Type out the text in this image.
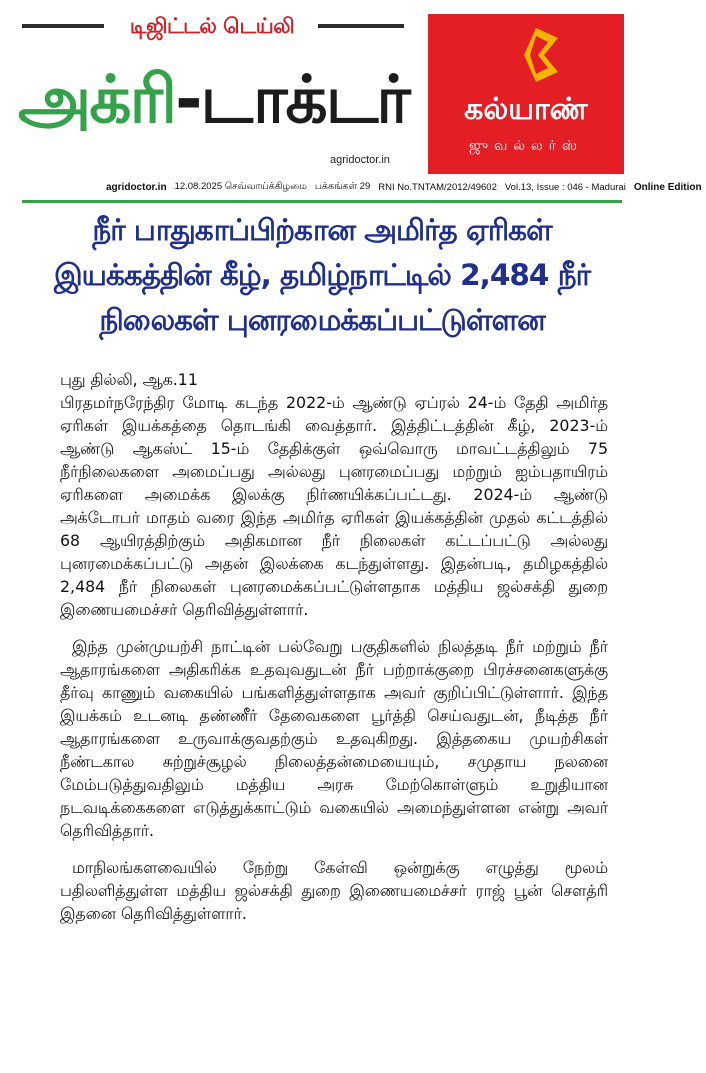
டிஜிட்டல் டெய்லி
அக்ரி-டாக்டர்
agridoctor.in
கல்யாண்
ஜுவல்லர்ஸ்
agridoctor.in 12.08.2025 செவ்வாய்க்கிழமை பக்கங்கள் 29 RNI No.TNTAM/2012/49602 Vol.13, Issue : 046 - Madurai Online Edition
நீர் பாதுகாப்பிற்கான அமிர்த ஏரிகள் இயக்கத்தின் கீழ், தமிழ்நாட்டில் 2,484 நீர் நிலைகள் புனரமைக்கப்பட்டுள்ளன
புது தில்லி, ஆக.11

பிரதமர்நரேந்திர மோடி கடந்த 2022-ம் ஆண்டு ஏப்ரல் 24-ம் தேதி அமிர்த ஏரிகள் இயக்கத்தை தொடங்கி வைத்தார். இத்திட்டத்தின் கீழ், 2023-ம் ஆண்டு ஆகஸ்ட் 15-ம் தேதிக்குள் ஒவ்வொரு மாவட்டத்திலும் 75 நீர்நிலைகளை அமைப்பது அல்லது புனரமைப்பது மற்றும் ஐம்பதாயிரம் ஏரிகளை அமைக்க இலக்கு நிர்ணயிக்கப்பட்டது. 2024-ம் ஆண்டு அக்டோபர் மாதம் வரை இந்த அமிர்த ஏரிகள் இயக்கத்தின் முதல் கட்டத்தில் 68 ஆயிரத்திற்கும் அதிகமான நீர் நிலைகள் கட்டப்பட்டு அல்லது புனரமைக்கப்பட்டு அதன் இலக்கை கடந்துள்ளது. இதன்படி, தமிழகத்தில் 2,484 நீர் நிலைகள் புனரமைக்கப்பட்டுள்ளதாக மத்திய ஜல்சக்தி துறை இணையமைச்சர் தெரிவித்துள்ளார்.

இந்த முன்முயற்சி நாட்டின் பல்வேறு பகுதிகளில் நிலத்தடி நீர் மற்றும் நீர் ஆதாரங்களை அதிகரிக்க உதவுவதுடன் நீர் பற்றாக்குறை பிரச்சனைகளுக்கு தீர்வு காணும் வகையில் பங்களித்துள்ளதாக அவர் குறிப்பிட்டுள்ளார். இந்த இயக்கம் உடனடி தண்ணீர் தேவைகளை பூர்த்தி செய்வதுடன், நீடித்த நீர் ஆதாரங்களை உருவாக்குவதற்கும் உதவுகிறது. இத்தகைய முயற்சிகள் நீண்டகால சுற்றுச்சூழல் நிலைத்தன்மையையும், சமுதாய நலனை மேம்படுத்துவதிலும் மத்திய அரசு மேற்கொள்ளும் உறுதியான நடவடிக்கைகளை எடுத்துக்காட்டும் வகையில் அமைந்துள்ளன என்று அவர் தெரிவித்தார்.

மாநிலங்களவையில் நேற்று கேள்வி ஒன்றுக்கு எழுத்து மூலம் பதிலளித்துள்ள மத்திய ஜல்சக்தி துறை இணையமைச்சர் ராஜ் பூன் சௌத்ரி இதனை தெரிவித்துள்ளார்.
